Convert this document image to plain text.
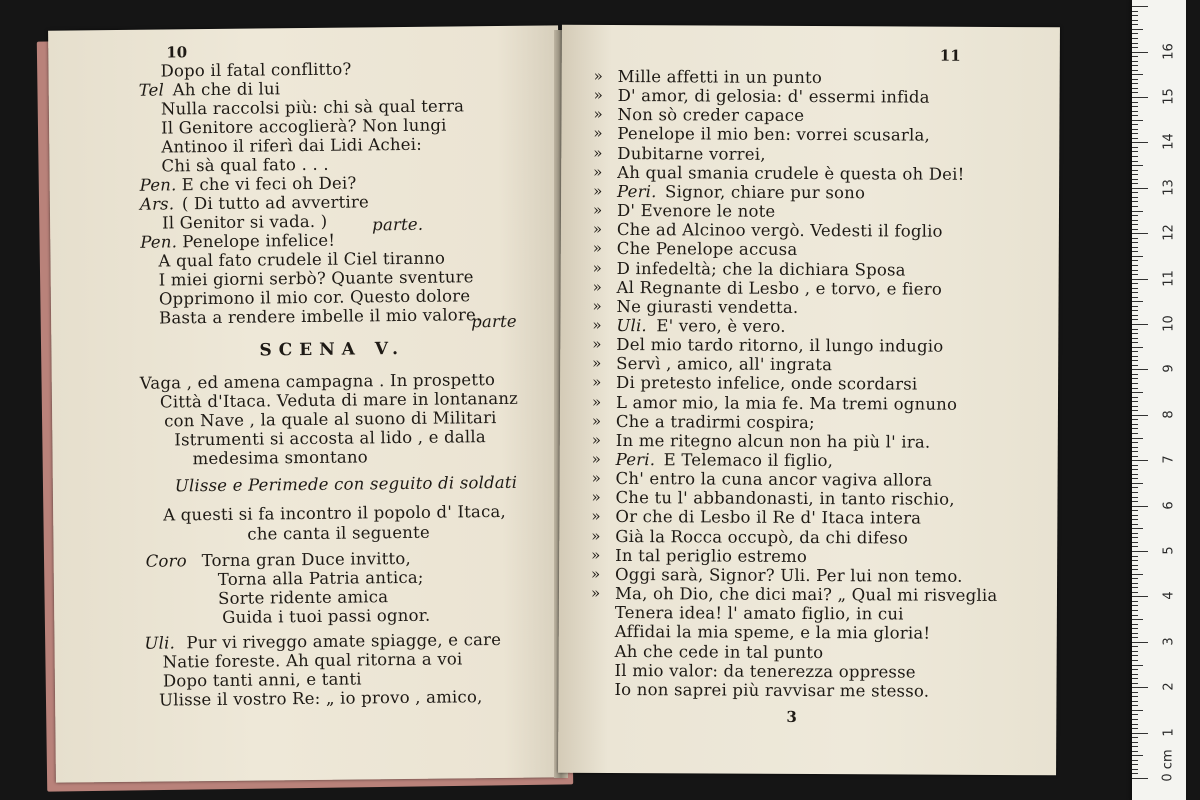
10
Dopo il fatal conflitto?
Tel Ah che di lui
Nulla raccolsi più: chi sà qual terra
Il Genitore accoglierà? Non lungi
Antinoo il riferì dai Lidi Achei:
Chi sà qual fato . . .
Pen. E che vi feci oh Dei?
Ars. ( Di tutto ad avvertire
Il Genitor si vada. )
Pen. Penelope infelice!
A qual fato crudele il Ciel tiranno
I miei giorni serbò? Quante sventure
Opprimono il mio cor. Questo dolore
Basta a rendere imbelle il mio valore.
parte.
parte
SCENA V.
Vaga , ed amena campagna . In prospetto
Città d'Itaca. Veduta di mare in lontananz
con Nave , la quale al suono di Militari
Istrumenti si accosta al lido , e dalla
medesima smontano
Ulisse e Perimede con seguito di soldati
A questi si fa incontro il popolo d' Itaca,
che canta il seguente
Coro Torna gran Duce invitto,
Torna alla Patria antica;
Sorte ridente amica
Guida i tuoi passi ognor.
Uli. Pur vi riveggo amate spiagge, e care
Natie foreste. Ah qual ritorna a voi
Dopo tanti anni, e tanti
Ulisse il vostro Re: „ io provo , amico,
11
» Mille affetti in un punto
» D' amor, di gelosia: d' essermi infida
» Non sò creder capace
» Penelope il mio ben: vorrei scusarla,
» Dubitarne vorrei,
» Ah qual smania crudele è questa oh Dei!
» Peri. Signor, chiare pur sono
» D' Evenore le note
» Che ad Alcinoo vergò. Vedesti il foglio
» Che Penelope accusa
» D infedeltà; che la dichiara Sposa
» Al Regnante di Lesbo , e torvo, e fiero
» Ne giurasti vendetta.
» Uli. E' vero, è vero.
» Del mio tardo ritorno, il lungo indugio
» Servì , amico, all' ingrata
» Di pretesto infelice, onde scordarsi
» L amor mio, la mia fe. Ma tremi ognuno
» Che a tradirmi cospira;
» In me ritegno alcun non ha più l' ira.
» Peri. E Telemaco il figlio,
» Ch' entro la cuna ancor vagiva allora
» Che tu l' abbandonasti, in tanto rischio,
» Or che di Lesbo il Re d' Itaca intera
» Già la Rocca occupò, da chi difeso
» In tal periglio estremo
» Oggi sarà, Signor? Uli. Per lui non temo.
» Ma, oh Dio, che dici mai? „ Qual mi risveglia
Tenera idea! l' amato figlio, in cui
Affidai la mia speme, e la mia gloria!
Ah che cede in tal punto
Il mio valor: da tenerezza oppresse
Io non saprei più ravvisar me stesso.
3
0 cm
1
2
3
4
5
6
7
8
9
10
11
12
13
14
15
16
